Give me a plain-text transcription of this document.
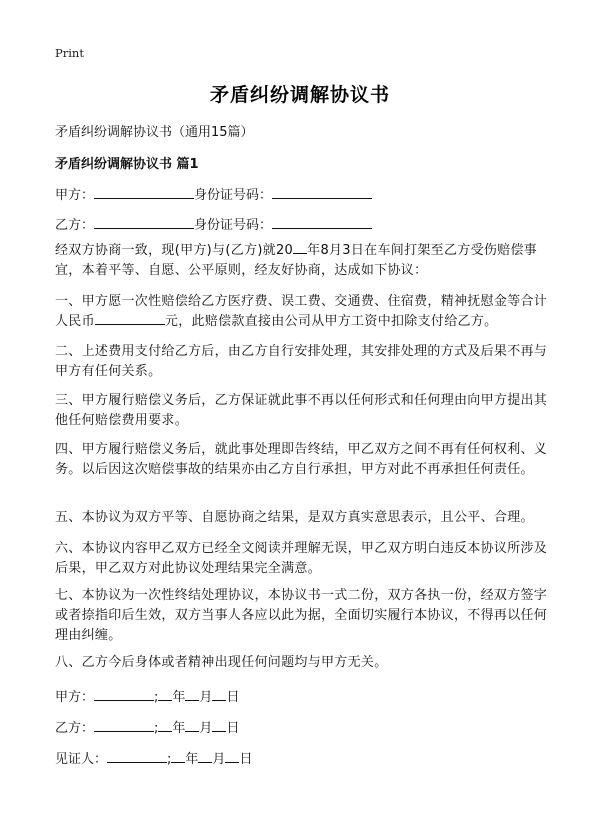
Print
矛盾纠纷调解协议书
矛盾纠纷调解协议书（通用15篇）
矛盾纠纷调解协议书 篇1
甲方：	身份证号码：
乙方：	身份证号码：
经双方协商一致，现(甲方)与(乙方)就20 年8月3日在车间打架至乙方受伤赔偿事宜，本着平等、自愿、公平原则，经友好协商，达成如下协议：
一、甲方愿一次性赔偿给乙方医疗费、误工费、交通费、住宿费，精神抚慰金等合计人民币	元，此赔偿款直接由公司从甲方工资中扣除支付给乙方。
二、上述费用支付给乙方后，由乙方自行安排处理，其安排处理的方式及后果不再与甲方有任何关系。
三、甲方履行赔偿义务后，乙方保证就此事不再以任何形式和任何理由向甲方提出其他任何赔偿费用要求。
四、甲方履行赔偿义务后，就此事处理即告终结，甲乙双方之间不再有任何权利、义务。以后因这次赔偿事故的结果亦由乙方自行承担，甲方对此不再承担任何责任。
五、本协议为双方平等、自愿协商之结果，是双方真实意思表示，且公平、合理。
六、本协议内容甲乙双方已经全文阅读并理解无误，甲乙双方明白违反本协议所涉及后果，甲乙双方对此协议处理结果完全满意。
七、本协议为一次性终结处理协议，本协议书一式二份，双方各执一份，经双方签字或者捺指印后生效，双方当事人各应以此为据，全面切实履行本协议，不得再以任何理由纠缠。
八、乙方今后身体或者精神出现任何问题均与甲方无关。
甲方：	; 年 月 日
乙方：	; 年 月 日
见证人：	; 年 月 日
